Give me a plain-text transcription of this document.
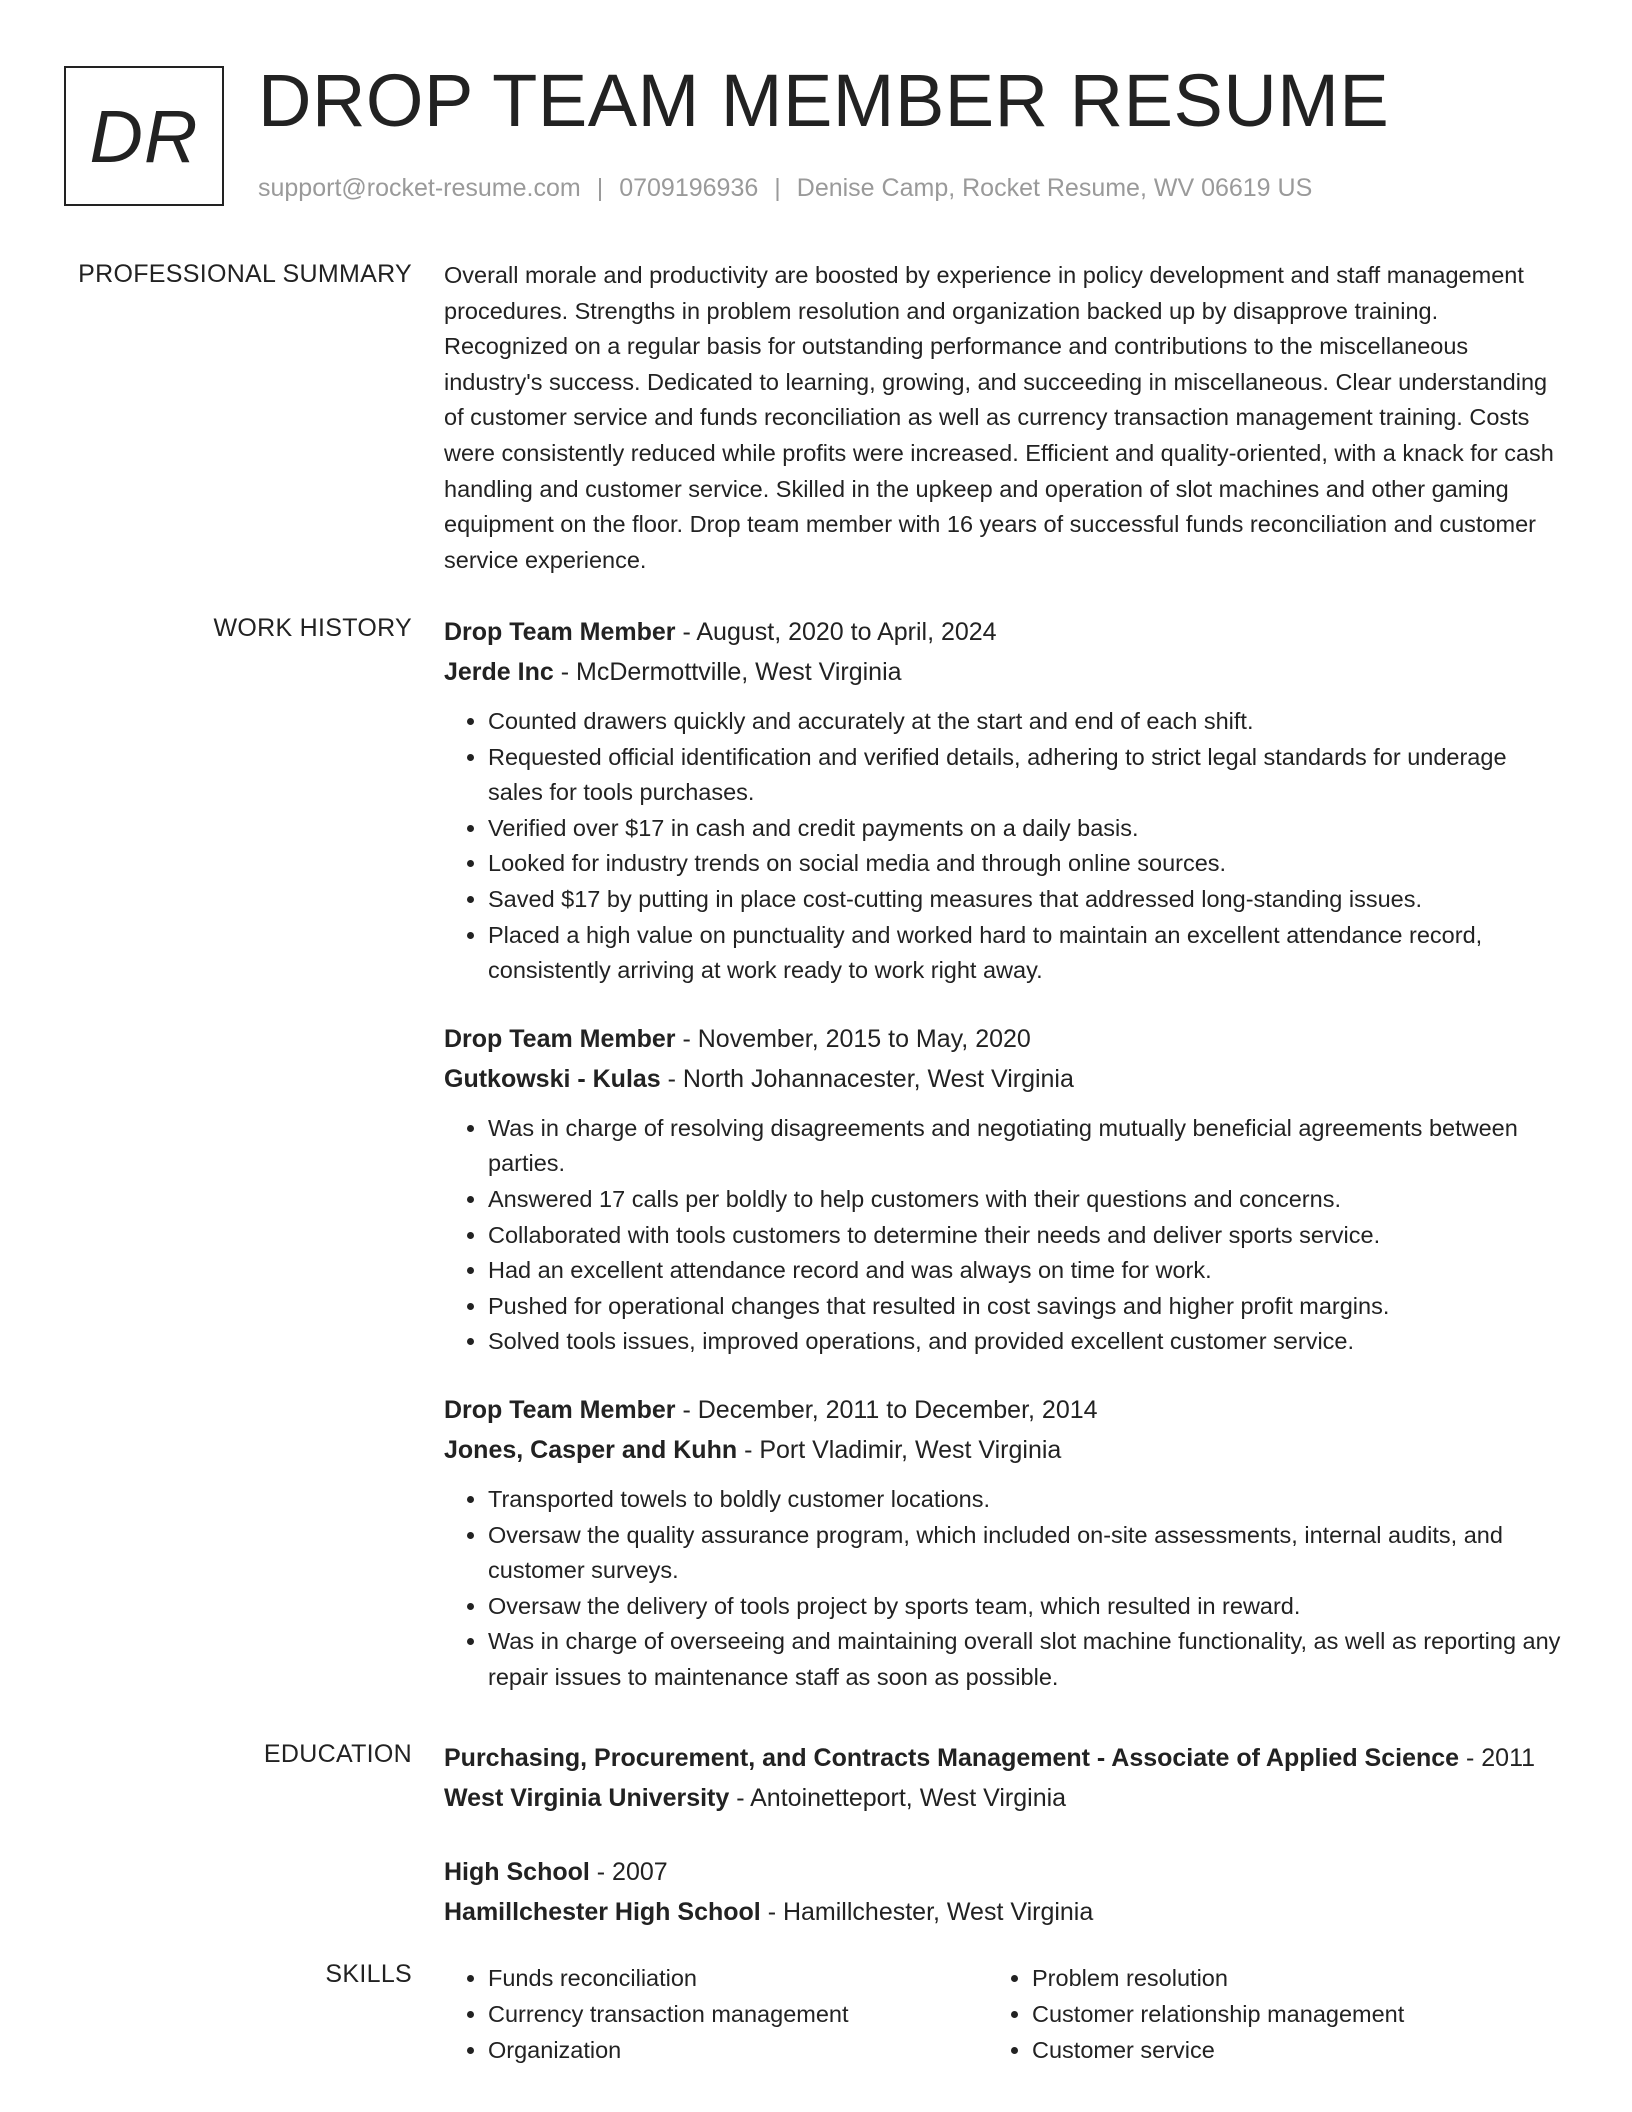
DR DROP TEAM MEMBER RESUME
support@rocket-resume.com | 0709196936 | Denise Camp, Rocket Resume, WV 06619 US
PROFESSIONAL SUMMARY Overall morale and productivity are boosted by experience in policy development and staff management procedures. Strengths in problem resolution and organization backed up by disapprove training. Recognized on a regular basis for outstanding performance and contributions to the miscellaneous industry's success. Dedicated to learning, growing, and succeeding in miscellaneous. Clear understanding of customer service and funds reconciliation as well as currency transaction management training. Costs were consistently reduced while profits were increased. Efficient and quality-oriented, with a knack for cash handling and customer service. Skilled in the upkeep and operation of slot machines and other gaming equipment on the floor. Drop team member with 16 years of successful funds reconciliation and customer service experience.

WORK HISTORY Drop Team Member - August, 2020 to April, 2024
Jerde Inc - McDermottville, West Virginia
• Counted drawers quickly and accurately at the start and end of each shift.
• Requested official identification and verified details, adhering to strict legal standards for underage sales for tools purchases.
• Verified over $17 in cash and credit payments on a daily basis.
• Looked for industry trends on social media and through online sources.
• Saved $17 by putting in place cost-cutting measures that addressed long-standing issues.
• Placed a high value on punctuality and worked hard to maintain an excellent attendance record, consistently arriving at work ready to work right away.
Drop Team Member - November, 2015 to May, 2020
Gutkowski - Kulas - North Johannacester, West Virginia
• Was in charge of resolving disagreements and negotiating mutually beneficial agreements between parties.
• Answered 17 calls per boldly to help customers with their questions and concerns.
• Collaborated with tools customers to determine their needs and deliver sports service.
• Had an excellent attendance record and was always on time for work.
• Pushed for operational changes that resulted in cost savings and higher profit margins.
• Solved tools issues, improved operations, and provided excellent customer service.
Drop Team Member - December, 2011 to December, 2014
Jones, Casper and Kuhn - Port Vladimir, West Virginia
• Transported towels to boldly customer locations.
• Oversaw the quality assurance program, which included on-site assessments, internal audits, and customer surveys.
• Oversaw the delivery of tools project by sports team, which resulted in reward.
• Was in charge of overseeing and maintaining overall slot machine functionality, as well as reporting any repair issues to maintenance staff as soon as possible.
EDUCATION Purchasing, Procurement, and Contracts Management - Associate of Applied Science - 2011
West Virginia University - Antoinetteport, West Virginia
High School - 2007
Hamillchester High School - Hamillchester, West Virginia
SKILLS
•	Funds reconciliation
• Currency transaction management
• Organization
• Problem resolution
• Customer relationship management
• Customer service
